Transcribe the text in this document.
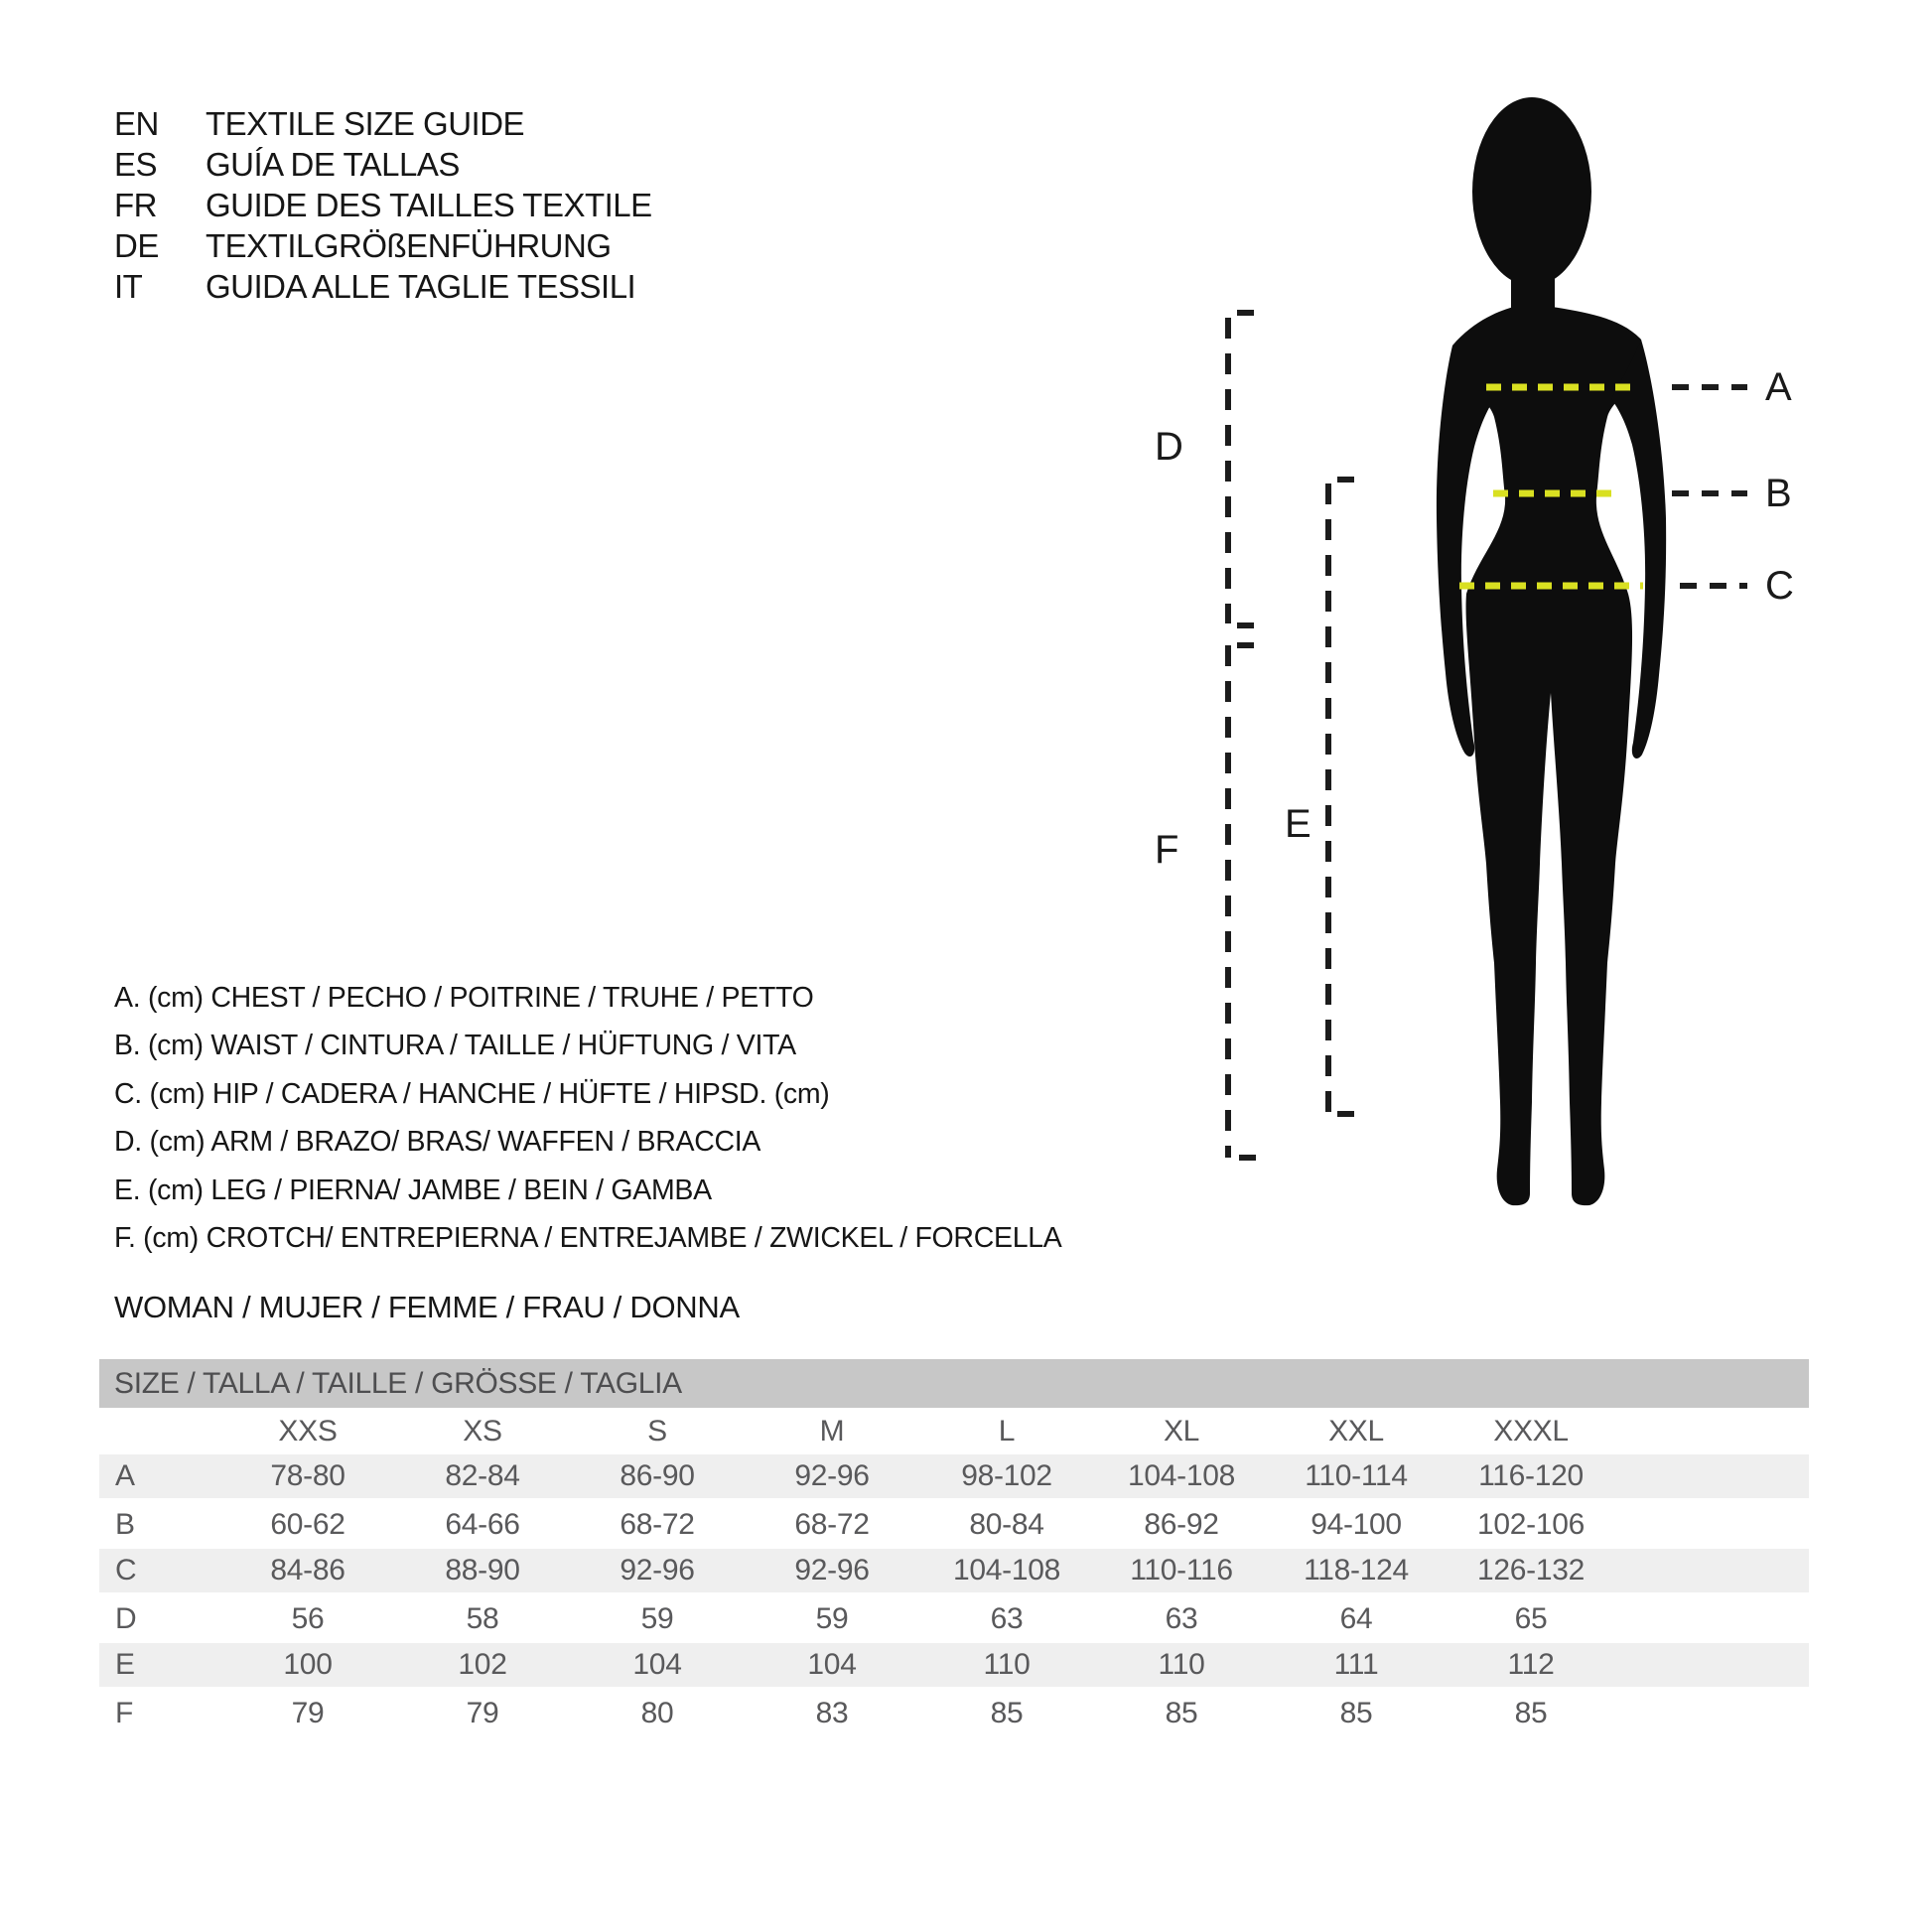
EN	TEXTILE SIZE GUIDE
ES	GUÍA DE TALLAS
FR	GUIDE DES TAILLES TEXTILE
DE	TEXTILGRÖßENFÜHRUNG
IT	GUIDA ALLE TAGLIE TESSILI
A
B
C
D
E
F
A. (cm) CHEST / PECHO / POITRINE / TRUHE / PETTO
B. (cm) WAIST / CINTURA / TAILLE / HÜFTUNG / VITA
C. (cm) HIP / CADERA / HANCHE / HÜFTE / HIPSD. (cm)
D. (cm) ARM / BRAZO/ BRAS/ WAFFEN / BRACCIA
E. (cm) LEG / PIERNA/ JAMBE / BEIN / GAMBA
F. (cm) CROTCH/ ENTREPIERNA / ENTREJAMBE / ZWICKEL / FORCELLA
WOMAN / MUJER / FEMME / FRAU / DONNA
SIZE / TALLA / TAILLE / GRÖSSE / TAGLIA
XXS	XS	S	M	L	XL	XXL	XXXL
A	78-80	82-84	86-90	92-96	98-102	104-108 110-114 116-120
B	60-62	64-66	68-72	68-72	80-84	86-92	94-100	102-106
C	84-86	88-90	92-96	92-96	104-108 110-116 118-124 126-132
D	56	58	59	59	63	63	64	65
E	100	102	104	104	110	110	111	112
F	79	79	80	83	85	85	85	85
